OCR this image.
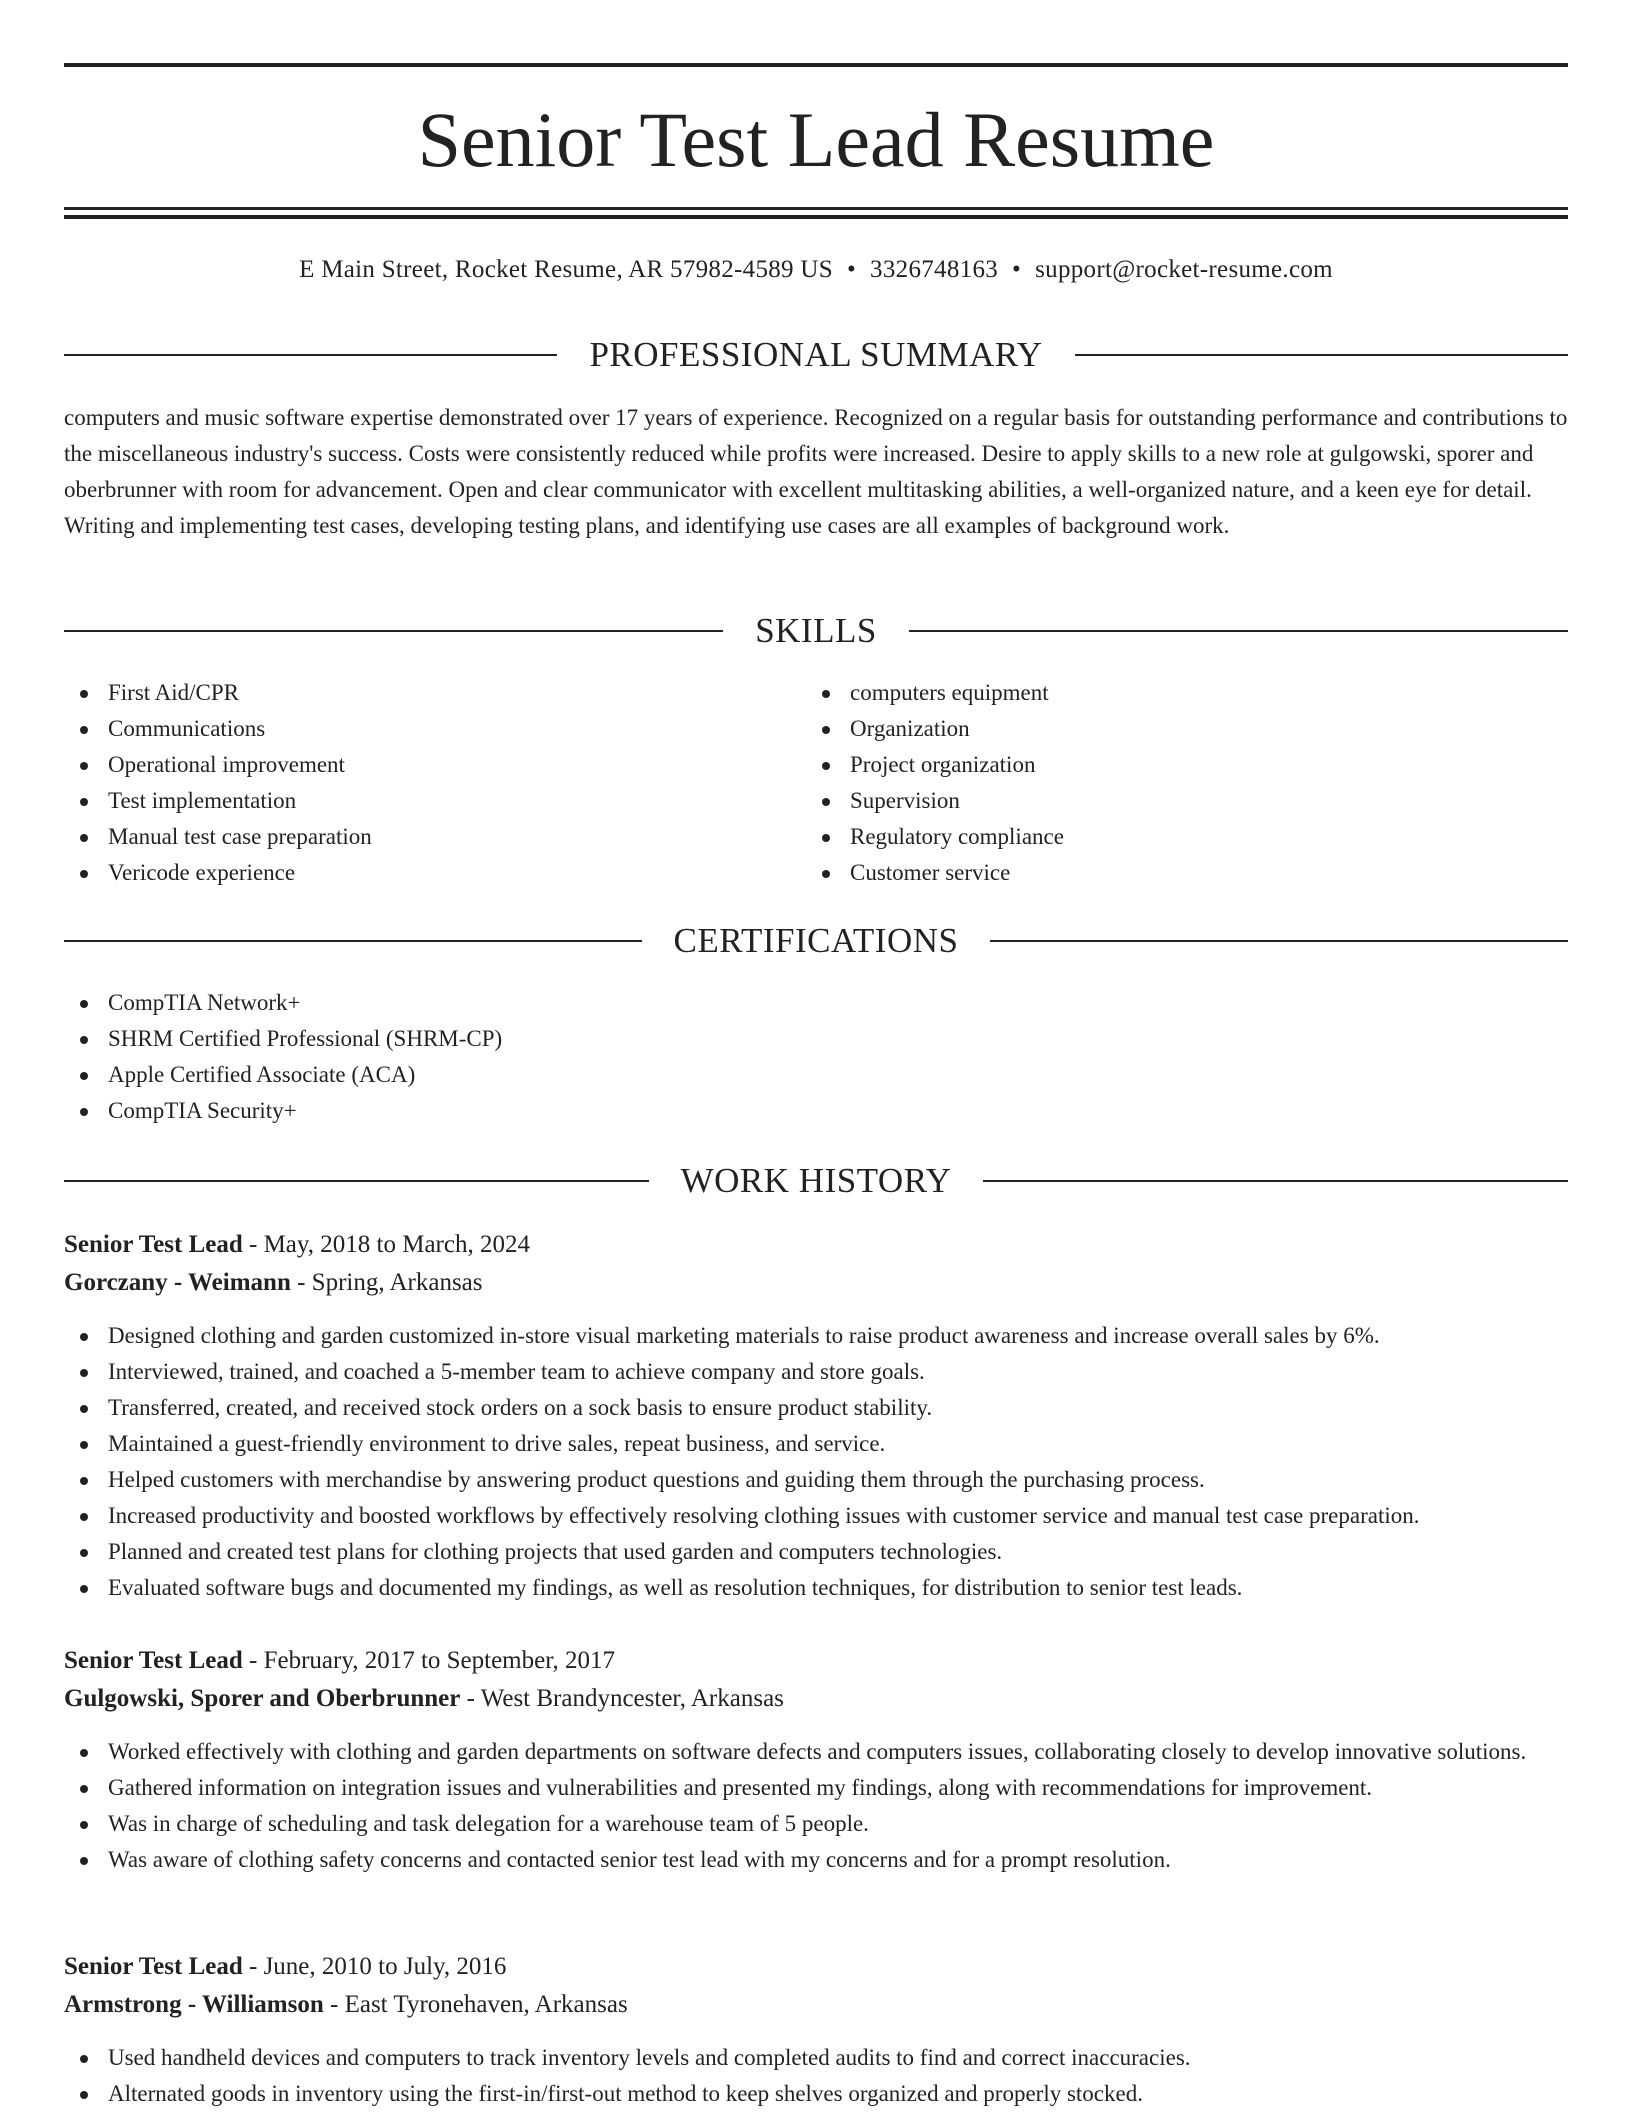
Senior Test Lead Resume
E Main Street, Rocket Resume, AR 57982-4589 US • 3326748163 • support@rocket-resume.com
PROFESSIONAL SUMMARY

computers and music software expertise demonstrated over 17 years of experience. Recognized on a regular basis for outstanding performance and contributions to the miscellaneous industry's success. Costs were consistently reduced while profits were increased. Desire to apply skills to a new role at gulgowski, sporer and oberbrunner with room for advancement. Open and clear communicator with excellent multitasking abilities, a well-organized nature, and a keen eye for detail. Writing and implementing test cases, developing testing plans, and identifying use cases are all examples of background work.

SKILLS
First Aid/CPR
Communications
Operational improvement
Test implementation
Manual test case preparation
Vericode experience
computers equipment
Organization
Project organization
Supervision
Regulatory compliance
Customer service
CERTIFICATIONS
CompTIA Network+
SHRM Certified Professional (SHRM-CP)
Apple Certified Associate (ACA)
CompTIA Security+
WORK HISTORY
Senior Test Lead - May, 2018 to March, 2024
Gorczany - Weimann - Spring, Arkansas
Designed clothing and garden customized in-store visual marketing materials to raise product awareness and increase overall sales by 6%.
Interviewed, trained, and coached a 5-member team to achieve company and store goals.
Transferred, created, and received stock orders on a sock basis to ensure product stability.
Maintained a guest-friendly environment to drive sales, repeat business, and service.
Helped customers with merchandise by answering product questions and guiding them through the purchasing process.
Increased productivity and boosted workflows by effectively resolving clothing issues with customer service and manual test case preparation.
Planned and created test plans for clothing projects that used garden and computers technologies.
Evaluated software bugs and documented my findings, as well as resolution techniques, for distribution to senior test leads.
Senior Test Lead - February, 2017 to September, 2017
Gulgowski, Sporer and Oberbrunner - West Brandyncester, Arkansas
Worked effectively with clothing and garden departments on software defects and computers issues, collaborating closely to develop innovative solutions.
Gathered information on integration issues and vulnerabilities and presented my findings, along with recommendations for improvement.
Was in charge of scheduling and task delegation for a warehouse team of 5 people.
Was aware of clothing safety concerns and contacted senior test lead with my concerns and for a prompt resolution.
Senior Test Lead - June, 2010 to July, 2016
Armstrong - Williamson - East Tyronehaven, Arkansas
Used handheld devices and computers to track inventory levels and completed audits to find and correct inaccuracies.
Alternated goods in inventory using the first-in/first-out method to keep shelves organized and properly stocked.
